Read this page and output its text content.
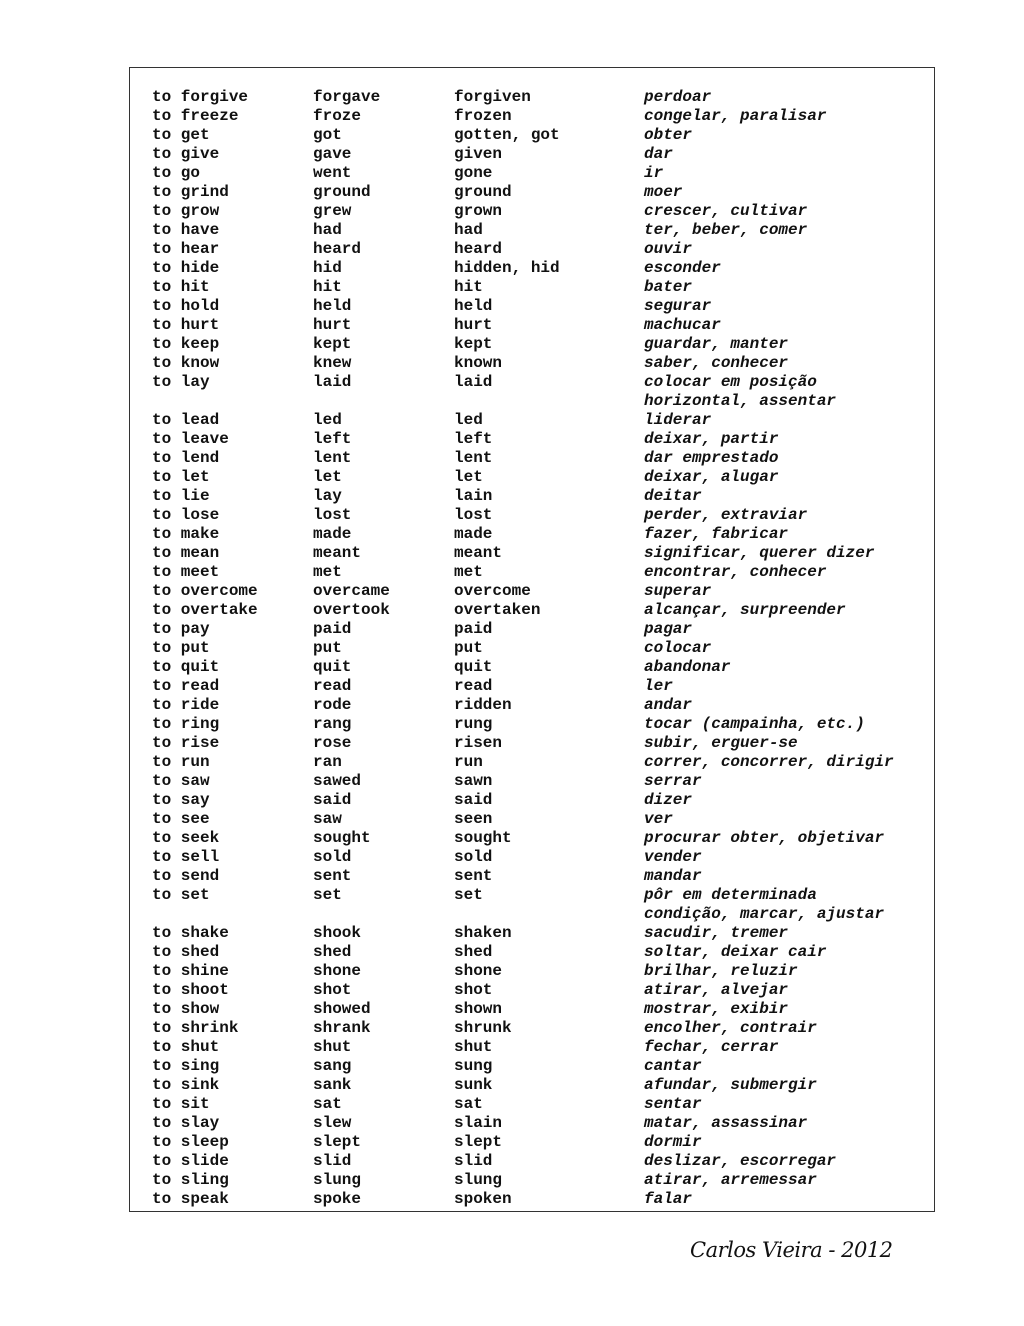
to forgive	forgave	forgiven	perdoar
to freeze	froze	frozen	congelar, paralisar
to get	got	gotten, got	obter
to give	gave	given	dar
to go	went	gone	ir
to grind	ground	ground	moer
to grow	grew	grown	crescer, cultivar
to have	had	had	ter, beber, comer
to hear	heard	heard	ouvir
to hide	hid	hidden, hid	esconder
to hit	hit	hit	bater
to hold	held	held	segurar
to hurt	hurt	hurt	machucar
to keep	kept	kept	guardar, manter
to know	knew	known	saber, conhecer
to lay	laid	laid	colocar em posição horizontal, assentar
to lead	led	led	liderar
to leave	left	left	deixar, partir
to lend	lent	lent	dar emprestado
to let	let	let	deixar, alugar
to lie	lay	lain	deitar
to lose	lost	lost	perder, extraviar
to make	made	made	fazer, fabricar
to mean	meant	meant	significar, querer dizer
to meet	met	met	encontrar, conhecer
to overcome	overcame	overcome	superar
to overtake	overtook	overtaken	alcançar, surpreender
to pay	paid	paid	pagar
to put	put	put	colocar
to quit	quit	quit	abandonar
to read	read	read	ler
to ride	rode	ridden	andar
to ring	rang	rung	tocar (campainha, etc.)
to rise	rose	risen	subir, erguer-se
to run	ran	run	correr, concorrer, dirigir
to saw	sawed	sawn	serrar
to say	said	said	dizer
to see	saw	seen	ver
to seek	sought	sought	procurar obter, objetivar
to sell	sold	sold	vender
to send	sent	sent	mandar
to set	set	set	pôr em determinada condição, marcar, ajustar
to shake	shook	shaken	sacudir, tremer
to shed	shed	shed	soltar, deixar cair
to shine	shone	shone	brilhar, reluzir
to shoot	shot	shot	atirar, alvejar
to show	showed	shown	mostrar, exibir
to shrink	shrank	shrunk	encolher, contrair
to shut	shut	shut	fechar, cerrar
to sing	sang	sung	cantar
to sink	sank	sunk	afundar, submergir
to sit	sat	sat	sentar
to slay	slew	slain	matar, assassinar
to sleep	slept	slept	dormir
to slide	slid	slid	deslizar, escorregar
to sling	slung	slung	atirar, arremessar
to speak	spoke	spoken	falar
Carlos Vieira - 2012
